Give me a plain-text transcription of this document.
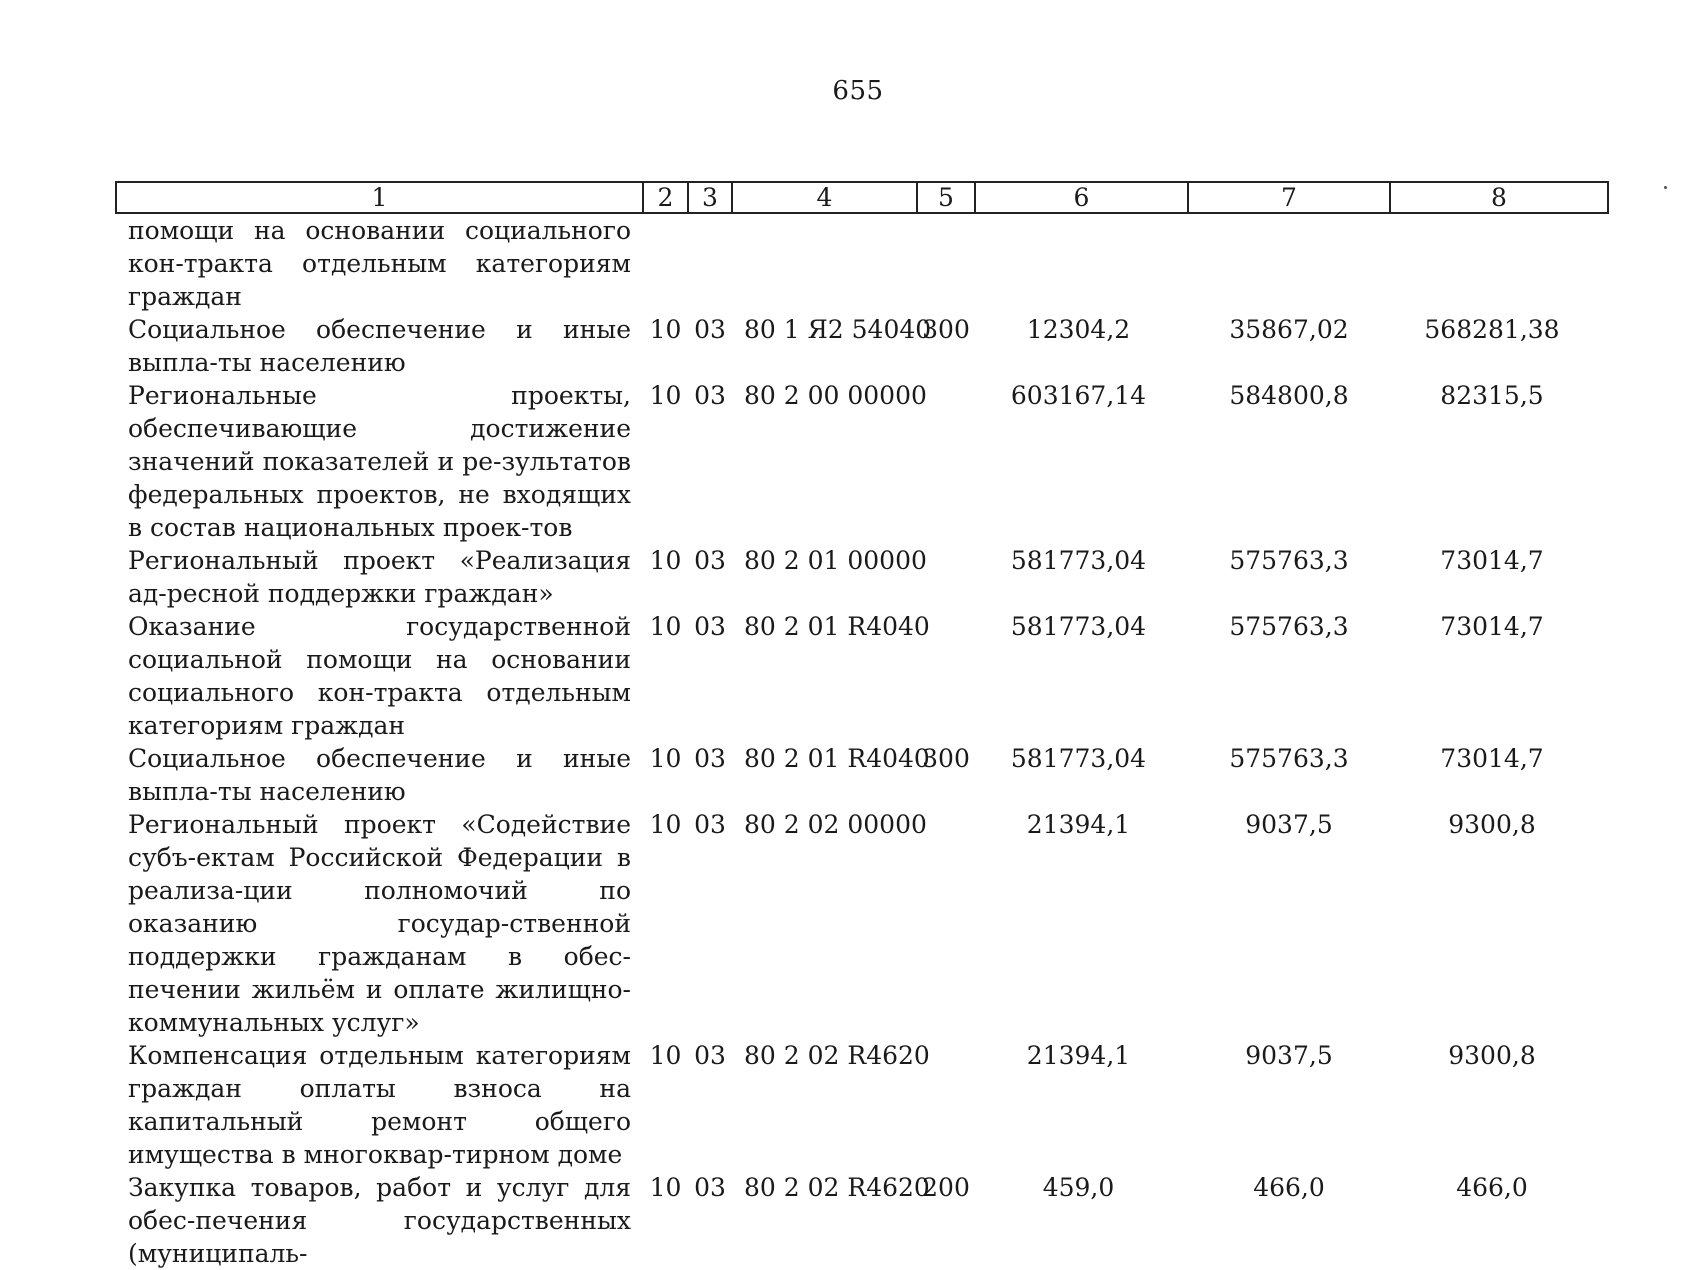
655
1	2	3	4	5	6	7	8
помощи на основании социального кон-тракта отдельным категориям граждан							
Социальное обеспечение и иные выпла-ты населению	10	03	80 1 Я2 54040	300	12304,2	35867,02	568281,38
Региональные проекты, обеспечивающие достижение значений показателей и ре-зультатов федеральных проектов, не входящих в состав национальных проек-тов	10	03	80 2 00 00000		603167,14	584800,8	82315,5
Региональный проект «Реализация ад-ресной поддержки граждан»	10	03	80 2 01 00000		581773,04	575763,3	73014,7
Оказание государственной социальной помощи на основании социального кон-тракта отдельным категориям граждан	10	03	80 2 01 R4040		581773,04	575763,3	73014,7
Социальное обеспечение и иные выпла-ты населению	10	03	80 2 01 R4040	300	581773,04	575763,3	73014,7
Региональный проект «Содействие субъ-ектам Российской Федерации в реализа-ции полномочий по оказанию государ-ственной поддержки гражданам в обес-печении жильём и оплате жилищно-коммунальных услуг»	10	03	80 2 02 00000		21394,1	9037,5	9300,8
Компенсация отдельным категориям граждан оплаты взноса на капитальный ремонт общего имущества в многоквар-тирном доме	10	03	80 2 02 R4620		21394,1	9037,5	9300,8
Закупка товаров, работ и услуг для обес-печения государственных (муниципаль-	10	03	80 2 02 R4620	200	459,0	466,0	466,0
